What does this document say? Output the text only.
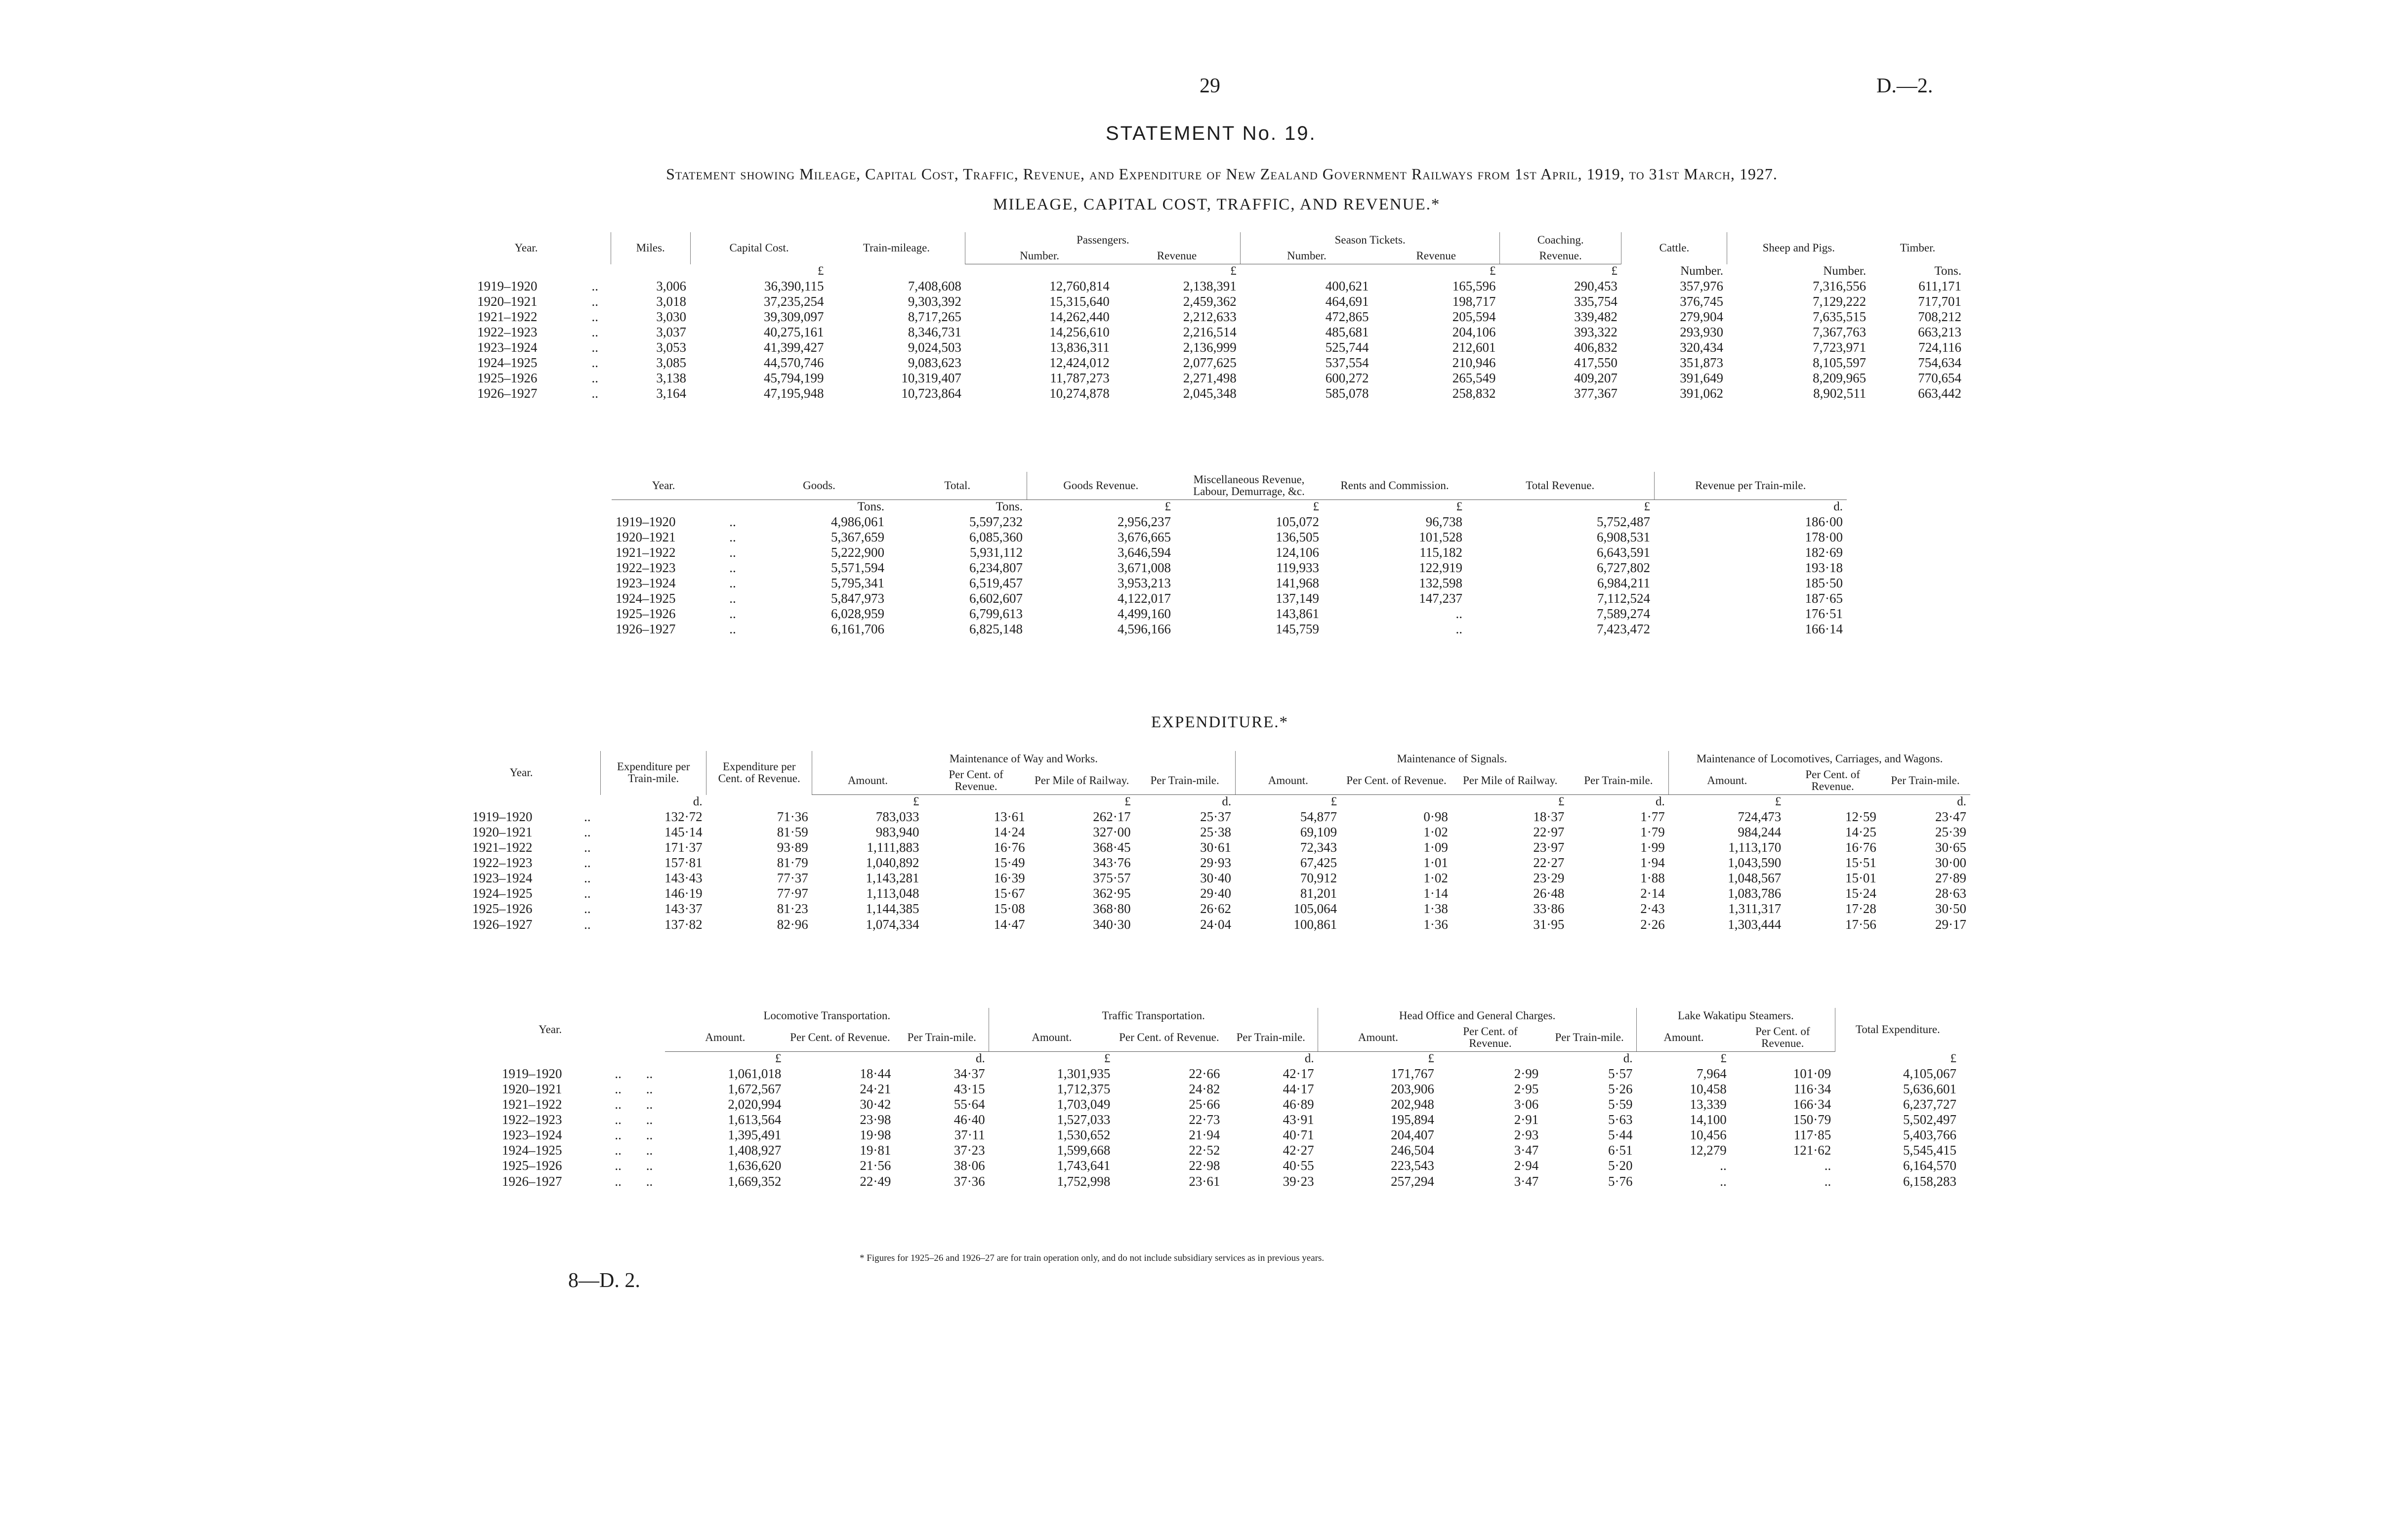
29	D.—2.
STATEMENT No. 19.
Statement showing Mileage, Capital Cost, Traffic, Revenue, and Expenditure of New Zealand Government Railways from 1st April, 1919, to 31st March, 1927.
MILEAGE, CAPITAL COST, TRAFFIC, AND REVENUE.*
Year.		Miles.	Capital Cost.	Train-mileage.	Passengers.		Season Tickets.		Coaching.	Cattle.	Sheep and Pigs.	Timber.
					Number.	Revenue	Number.	Revenue	Revenue.			
			£			£		£	£	Number.	Number.	Tons.
1919–1920	..	3,006	36,390,115	7,408,608	12,760,814	2,138,391	400,621	165,596	290,453	357,976	7,316,556	611,171
1920–1921	..	3,018	37,235,254	9,303,392	15,315,640	2,459,362	464,691	198,717	335,754	376,745	7,129,222	717,701
1921–1922	..	3,030	39,309,097	8,717,265	14,262,440	2,212,633	472,865	205,594	339,482	279,904	7,635,515	708,212
1922–1923	..	3,037	40,275,161	8,346,731	14,256,610	2,216,514	485,681	204,106	393,322	293,930	7,367,763	663,213
1923–1924	..	3,053	41,399,427	9,024,503	13,836,311	2,136,999	525,744	212,601	406,832	320,434	7,723,971	724,116
1924–1925	..	3,085	44,570,746	9,083,623	12,424,012	2,077,625	537,554	210,946	417,550	351,873	8,105,597	754,634
1925–1926	..	3,138	45,794,199	10,319,407	11,787,273	2,271,498	600,272	265,549	409,207	391,649	8,209,965	770,654
1926–1927	..	3,164	47,195,948	10,723,864	10,274,878	2,045,348	585,078	258,832	377,367	391,062	8,902,511	663,442
Year.		Goods.	Total.	Goods Revenue.	Miscellaneous Revenue, Labour, Demurrage, &c.	Rents and Commission.	Total Revenue.	Revenue per Train-mile.
		Tons.	Tons.	£	£	£	£	d.
1919–1920	..	4,986,061	5,597,232	2,956,237	105,072	96,738	5,752,487	186·00
1920–1921	..	5,367,659	6,085,360	3,676,665	136,505	101,528	6,908,531	178·00
1921–1922	..	5,222,900	5,931,112	3,646,594	124,106	115,182	6,643,591	182·69
1922–1923	..	5,571,594	6,234,807	3,671,008	119,933	122,919	6,727,802	193·18
1923–1924	..	5,795,341	6,519,457	3,953,213	141,968	132,598	6,984,211	185·50
1924–1925	..	5,847,973	6,602,607	4,122,017	137,149	147,237	7,112,524	187·65
1925–1926	..	6,028,959	6,799,613	4,499,160	143,861	..	7,589,274	176·51
1926–1927	..	6,161,706	6,825,148	4,596,166	145,759	..	7,423,472	166·14
EXPENDITURE.*
Year.		Expenditure per Train-mile.	Expenditure per Cent. of Revenue.	Maintenance of Way and Works.				Maintenance of Signals.				Maintenance of Locomotives, Carriages, and Wagons.		
				Amount.	Per Cent. of Revenue.	Per Mile of Railway.	Per Train-mile.	Amount.	Per Cent. of Revenue.	Per Mile of Railway.	Per Train-mile.	Amount.	Per Cent. of Revenue.	Per Train-mile.
		d.		£		£	d.	£		£	d.	£		d.
1919–1920	..	132·72	71·36	783,033	13·61	262·17	25·37	54,877	0·98	18·37	1·77	724,473	12·59	23·47
1920–1921	..	145·14	81·59	983,940	14·24	327·00	25·38	69,109	1·02	22·97	1·79	984,244	14·25	25·39
1921–1922	..	171·37	93·89	1,111,883	16·76	368·45	30·61	72,343	1·09	23·97	1·99	1,113,170	16·76	30·65
1922–1923	..	157·81	81·79	1,040,892	15·49	343·76	29·93	67,425	1·01	22·27	1·94	1,043,590	15·51	30·00
1923–1924	..	143·43	77·37	1,143,281	16·39	375·57	30·40	70,912	1·02	23·29	1·88	1,048,567	15·01	27·89
1924–1925	..	146·19	77·97	1,113,048	15·67	362·95	29·40	81,201	1·14	26·48	2·14	1,083,786	15·24	28·63
1925–1926	..	143·37	81·23	1,144,385	15·08	368·80	26·62	105,064	1·38	33·86	2·43	1,311,317	17·28	30·50
1926–1927	..	137·82	82·96	1,074,334	14·47	340·30	24·04	100,861	1·36	31·95	2·26	1,303,444	17·56	29·17
Year.			Locomotive Transportation.			Traffic Transportation.			Head Office and General Charges.			Lake Wakatipu Steamers.		Total Expenditure.
			Amount.	Per Cent. of Revenue.	Per Train-mile.	Amount.	Per Cent. of Revenue.	Per Train-mile.	Amount.	Per Cent. of Revenue.	Per Train-mile.	Amount.	Per Cent. of Revenue.	
			£		d.	£		d.	£		d.	£		£
1919–1920	..	..	1,061,018	18·44	34·37	1,301,935	22·66	42·17	171,767	2·99	5·57	7,964	101·09	4,105,067
1920–1921	..	..	1,672,567	24·21	43·15	1,712,375	24·82	44·17	203,906	2·95	5·26	10,458	116·34	5,636,601
1921–1922	..	..	2,020,994	30·42	55·64	1,703,049	25·66	46·89	202,948	3·06	5·59	13,339	166·34	6,237,727
1922–1923	..	..	1,613,564	23·98	46·40	1,527,033	22·73	43·91	195,894	2·91	5·63	14,100	150·79	5,502,497
1923–1924	..	..	1,395,491	19·98	37·11	1,530,652	21·94	40·71	204,407	2·93	5·44	10,456	117·85	5,403,766
1924–1925	..	..	1,408,927	19·81	37·23	1,599,668	22·52	42·27	246,504	3·47	6·51	12,279	121·62	5,545,415
1925–1926	..	..	1,636,620	21·56	38·06	1,743,641	22·98	40·55	223,543	2·94	5·20	..	..	6,164,570
1926–1927	..	..	1,669,352	22·49	37·36	1,752,998	23·61	39·23	257,294	3·47	5·76	..	..	6,158,283
* Figures for 1925–26 and 1926–27 are for train operation only, and do not include subsidiary services as in previous years.
8—D. 2.
